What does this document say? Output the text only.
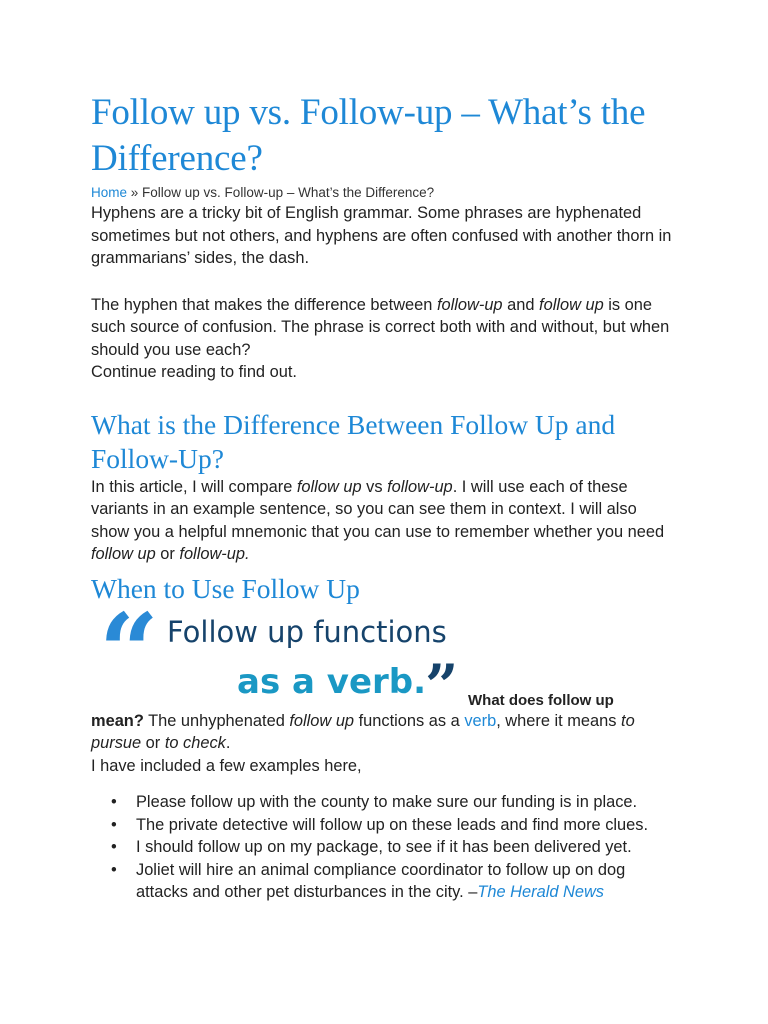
Follow up vs. Follow-up – What’s the Difference?
Home » Follow up vs. Follow-up – What’s the Difference?

Hyphens are a tricky bit of English grammar. Some phrases are hyphenated sometimes but not others, and hyphens are often confused with another thorn in grammarians’ sides, the dash.

The hyphen that makes the difference between follow-up and follow up is one such source of confusion. The phrase is correct both with and without, but when should you use each?

Continue reading to find out.

What is the Difference Between Follow Up and Follow-Up?

In this article, I will compare follow up vs follow-up. I will use each of these variants in an example sentence, so you can see them in context. I will also show you a helpful mnemonic that you can use to remember whether you need follow up or follow-up.

When to Use Follow Up
“ Follow up functions
as a verb.
” What does follow up

mean? The unhyphenated follow up functions as a verb, where it means to pursue or to check.

I have included a few examples here,

• Please follow up with the county to make sure our funding is in place.
• The private detective will follow up on these leads and find more clues.
• I should follow up on my package, to see if it has been delivered yet.
• Joliet will hire an animal compliance coordinator to follow up on dog attacks and other pet disturbances in the city. –The Herald News
